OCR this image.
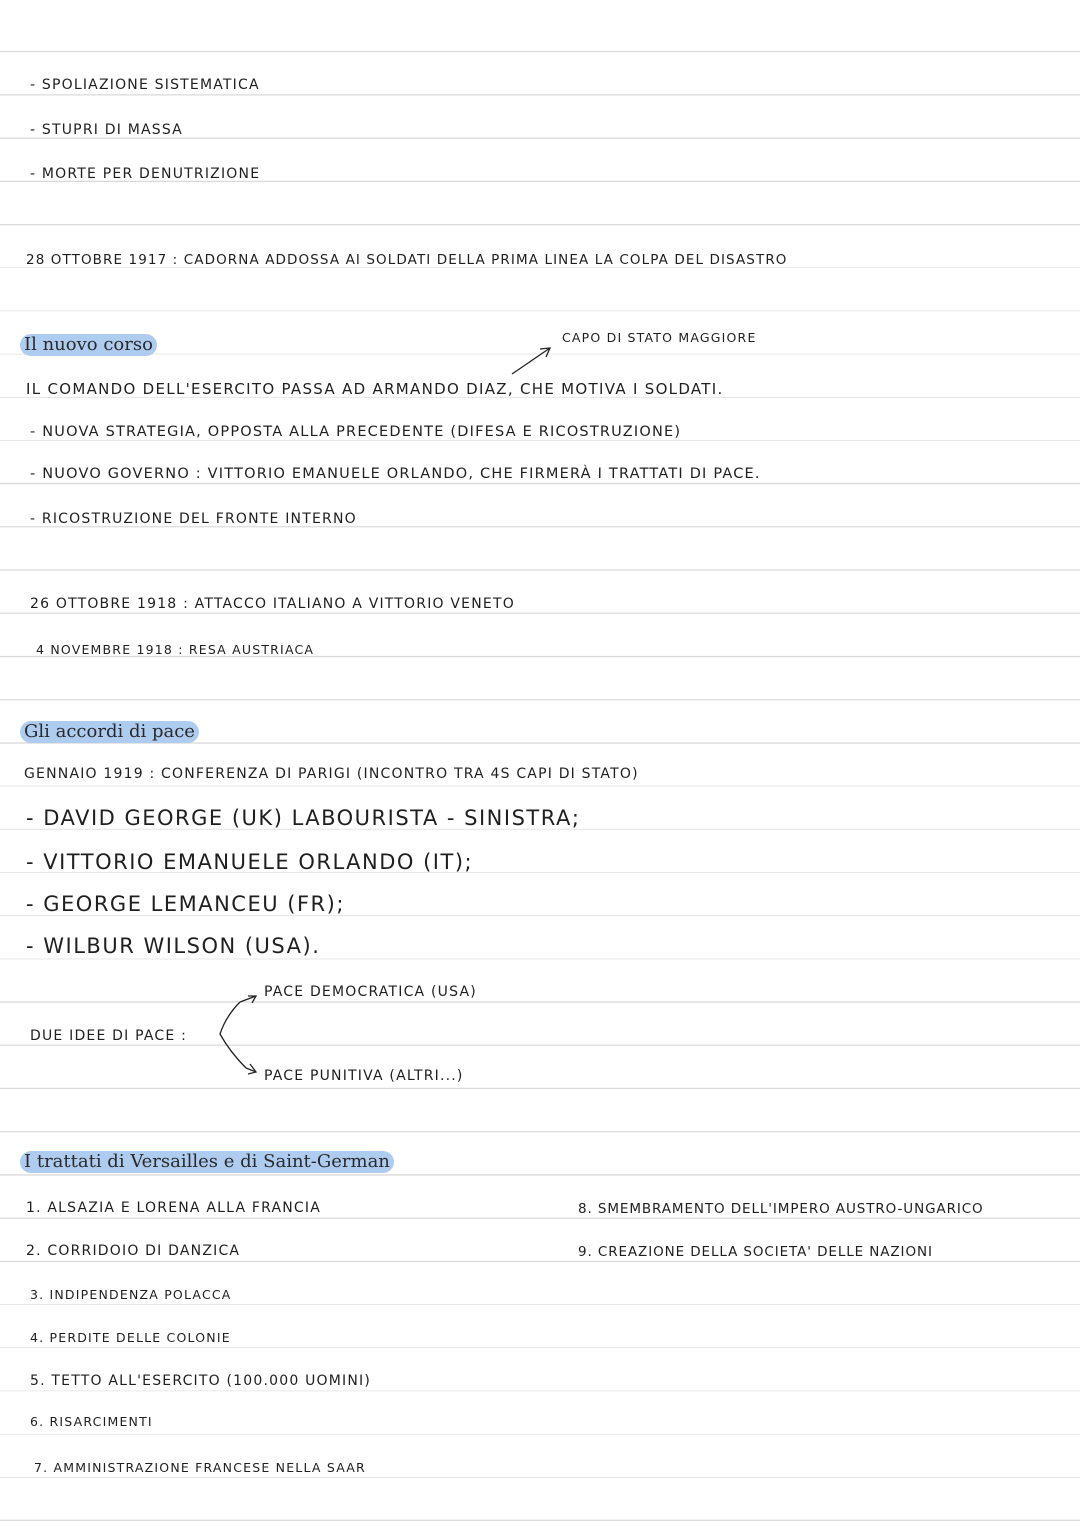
- SPOLIAZIONE SISTEMATICA
- STUPRI DI MASSA
- MORTE PER DENUTRIZIONE
28 OTTOBRE 1917 : CADORNA ADDOSSA AI SOLDATI DELLA PRIMA LINEA LA COLPA DEL DISASTRO
Il nuovo corso	CAPO DI STATO MAGGIORE
IL COMANDO DELL'ESERCITO PASSA AD ARMANDO DIAZ, CHE MOTIVA I SOLDATI.
- NUOVA STRATEGIA, OPPOSTA ALLA PRECEDENTE (DIFESA E RICOSTRUZIONE)
- NUOVO GOVERNO : VITTORIO EMANUELE ORLANDO, CHE FIRMERÀ I TRATTATI DI PACE.
- RICOSTRUZIONE DEL FRONTE INTERNO
26 OTTOBRE 1918 : ATTACCO ITALIANO A VITTORIO VENETO
4 NOVEMBRE 1918 : RESA AUSTRIACA
Gli accordi di pace
GENNAIO 1919 : CONFERENZA DI PARIGI (INCONTRO TRA 4S CAPI DI STATO)
- DAVID GEORGE (UK) LABOURISTA - SINISTRA;
- VITTORIO EMANUELE ORLANDO (IT);
- GEORGE LEMANCEU (FR);
- WILBUR WILSON (USA).
DUE IDEE DI PACE :
PACE DEMOCRATICA (USA)
PACE PUNITIVA (ALTRI...)
I trattati di Versailles e di Saint-German
1. ALSAZIA E LORENA ALLA FRANCIA
2. CORRIDOIO DI DANZICA
3. INDIPENDENZA POLACCA
4. PERDITE DELLE COLONIE
5. TETTO ALL'ESERCITO (100.000 UOMINI)
6. RISARCIMENTI
7. AMMINISTRAZIONE FRANCESE NELLA SAAR
8. SMEMBRAMENTO DELL'IMPERO AUSTRO-UNGARICO
9. CREAZIONE DELLA SOCIETA' DELLE NAZIONI
